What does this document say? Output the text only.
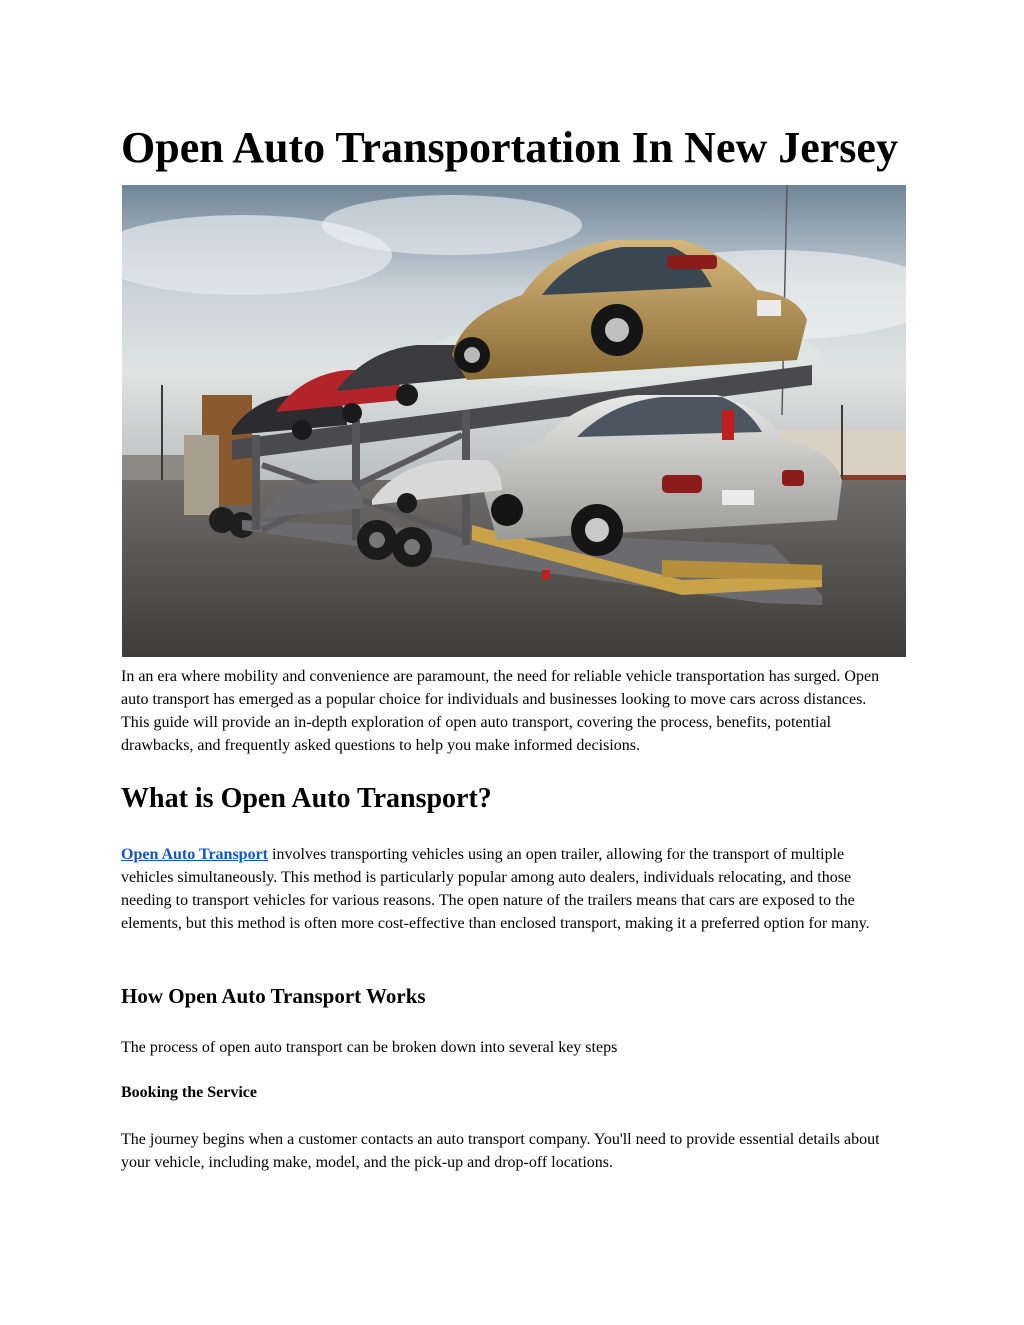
Open Auto Transportation In New Jersey

In an era where mobility and convenience are paramount, the need for reliable vehicle transportation has surged. Open auto transport has emerged as a popular choice for individuals and businesses looking to move cars across distances. This guide will provide an in-depth exploration of open auto transport, covering the process, benefits, potential drawbacks, and frequently asked questions to help you make informed decisions.

What is Open Auto Transport?

Open Auto Transport involves transporting vehicles using an open trailer, allowing for the transport of multiple vehicles simultaneously. This method is particularly popular among auto dealers, individuals relocating, and those needing to transport vehicles for various reasons. The open nature of the trailers means that cars are exposed to the elements, but this method is often more cost-effective than enclosed transport, making it a preferred option for many.

How Open Auto Transport Works

The process of open auto transport can be broken down into several key steps

Booking the Service

The journey begins when a customer contacts an auto transport company. You'll need to provide essential details about your vehicle, including make, model, and the pick-up and drop-off locations.
